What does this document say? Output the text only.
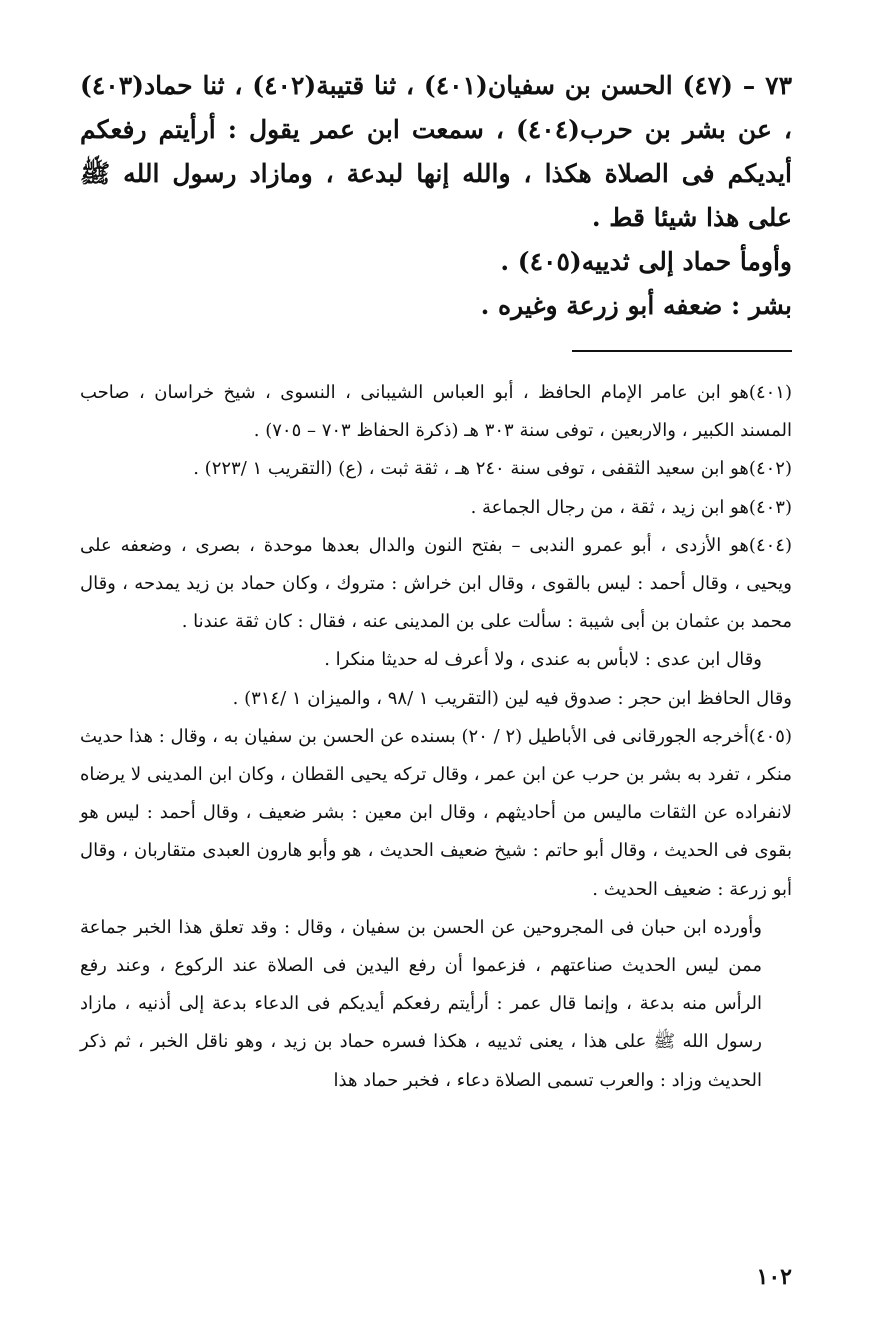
٧٣ – (٤٧) الحسن بن سفيان(٤٠١) ، ثنا قتيبة(٤٠٢) ، ثنا حماد(٤٠٣) ، عن بشر بن حرب(٤٠٤) ، سمعت ابن عمر يقول : أرأيتم رفعكم أيديكم فى الصلاة هكذا ، والله إنها لبدعة ، ومازاد رسول الله ﷺ على هذا شيئا قط .

وأومأ حماد إلى ثدييه(٤٠٥) .

بشر : ضعفه أبو زرعة وغيره .

(٤٠١)هو ابن عامر الإمام الحافظ ، أبو العباس الشيبانى ، النسوى ، شيخ خراسان ، صاحب المسند الكبير ، والاربعين ، توفى سنة ٣٠٣ هـ (ذكرة الحفاظ ٧٠٣ – ٧٠٥) .

(٤٠٢)هو ابن سعيد الثقفى ، توفى سنة ٢٤٠ هـ ، ثقة ثبت ، (ع) (التقريب ١ /٢٢٣) .

(٤٠٣)هو ابن زيد ، ثقة ، من رجال الجماعة .

(٤٠٤)هو الأزدى ، أبو عمرو الندبى – بفتح النون والدال بعدها موحدة ، بصرى ، وضعفه على ويحيى ، وقال أحمد : ليس بالقوى ، وقال ابن خراش : متروك ، وكان حماد بن زيد يمدحه ، وقال محمد بن عثمان بن أبى شيبة : سألت على بن المدينى عنه ، فقال : كان ثقة عندنا .

وقال ابن عدى : لابأس به عندى ، ولا أعرف له حديثا منكرا .

وقال الحافظ ابن حجر : صدوق فيه لين (التقريب ١ /٩٨ ، والميزان ١ /٣١٤) .

(٤٠٥)أخرجه الجورقانى فى الأباطيل (٢ / ٢٠) بسنده عن الحسن بن سفيان به ، وقال : هذا حديث منكر ، تفرد به بشر بن حرب عن ابن عمر ، وقال تركه يحيى القطان ، وكان ابن المدينى لا يرضاه لانفراده عن الثقات ماليس من أحاديثهم ، وقال ابن معين : بشر ضعيف ، وقال أحمد : ليس هو بقوى فى الحديث ، وقال أبو حاتم : شيخ ضعيف الحديث ، هو وأبو هارون العبدى متقاربان ، وقال أبو زرعة : ضعيف الحديث .

وأورده ابن حبان فى المجروحين عن الحسن بن سفيان ، وقال : وقد تعلق هذا الخبر جماعة ممن ليس الحديث صناعتهم ، فزعموا أن رفع اليدين فى الصلاة عند الركوع ، وعند رفع الرأس منه بدعة ، وإنما قال عمر : أرأيتم رفعكم أيديكم فى الدعاء بدعة إلى أذنيه ، مازاد رسول الله ﷺ على هذا ، يعنى ثدييه ، هكذا فسره حماد بن زيد ، وهو ناقل الخبر ، ثم ذكر الحديث وزاد : والعرب تسمى الصلاة دعاء ، فخبر حماد هذا

١٠٢
